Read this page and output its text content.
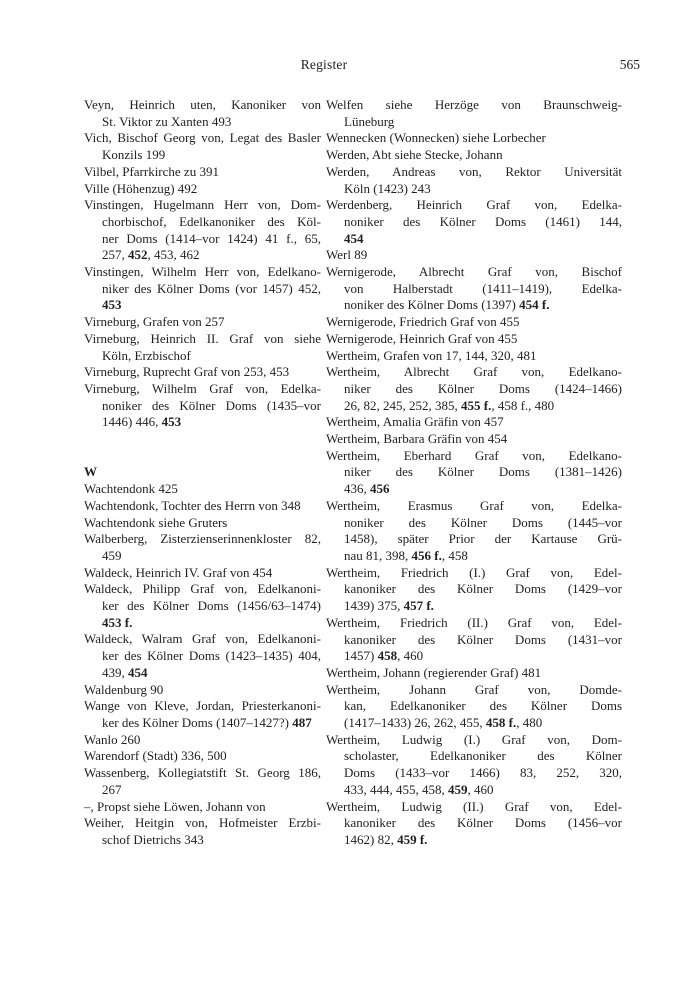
Register	565
Veyn, Heinrich uten, Kanoniker von
St. Viktor zu Xanten 493
Vich, Bischof Georg von, Legat des Basler
Konzils 199
Vilbel, Pfarrkirche zu 391
Ville (Höhenzug) 492
Vinstingen, Hugelmann Herr von, Dom-
chorbischof, Edelkanoniker des Köl-
ner Doms (1414–vor 1424) 41 f., 65,
257, 452, 453, 462
Vinstingen, Wilhelm Herr von, Edelkano-
niker des Kölner Doms (vor 1457) 452,
453
Virneburg, Grafen von 257
Virneburg, Heinrich II. Graf von siehe
Köln, Erzbischof
Virneburg, Ruprecht Graf von 253, 453
Virneburg, Wilhelm Graf von, Edelka-
noniker des Kölner Doms (1435–vor
1446) 446, 453
W
Wachtendonk 425
Wachtendonk, Tochter des Herrn von 348
Wachtendonk siehe Gruters
Walberberg, Zisterzienserinnenkloster 82,
459
Waldeck, Heinrich IV. Graf von 454
Waldeck, Philipp Graf von, Edelkanoni-
ker des Kölner Doms (1456/63–1474)
453 f.
Waldeck, Walram Graf von, Edelkanoni-
ker des Kölner Doms (1423–1435) 404,
439, 454
Waldenburg 90
Wange von Kleve, Jordan, Priesterkanoni-
ker des Kölner Doms (1407–1427?) 487
Wanlo 260
Warendorf (Stadt) 336, 500
Wassenberg, Kollegiatstift St. Georg 186,
267
–, Propst siehe Löwen, Johann von
Weiher, Heitgin von, Hofmeister Erzbi-
schof Dietrichs 343
Welfen siehe Herzöge von Braunschweig-
Lüneburg
Wennecken (Wonnecken) siehe Lorbecher
Werden, Abt siehe Stecke, Johann
Werden, Andreas von, Rektor Universität
Köln (1423) 243
Werdenberg, Heinrich Graf von, Edelka-
noniker des Kölner Doms (1461) 144,
454
Werl 89
Wernigerode, Albrecht Graf von, Bischof
von Halberstadt (1411–1419), Edelka-
noniker des Kölner Doms (1397) 454 f.
Wernigerode, Friedrich Graf von 455
Wernigerode, Heinrich Graf von 455
Wertheim, Grafen von 17, 144, 320, 481
Wertheim, Albrecht Graf von, Edelkano-
niker des Kölner Doms (1424–1466)
26, 82, 245, 252, 385, 455 f., 458 f., 480
Wertheim, Amalia Gräfin von 457
Wertheim, Barbara Gräfin von 454
Wertheim, Eberhard Graf von, Edelkano-
niker des Kölner Doms (1381–1426)
436, 456
Wertheim, Erasmus Graf von, Edelka-
noniker des Kölner Doms (1445–vor
1458), später Prior der Kartause Grü-
nau 81, 398, 456 f., 458
Wertheim, Friedrich (I.) Graf von, Edel-
kanoniker des Kölner Doms (1429–vor
1439) 375, 457 f.
Wertheim, Friedrich (II.) Graf von, Edel-
kanoniker des Kölner Doms (1431–vor
1457) 458, 460
Wertheim, Johann (regierender Graf) 481
Wertheim, Johann Graf von, Domde-
kan, Edelkanoniker des Kölner Doms
(1417–1433) 26, 262, 455, 458 f., 480
Wertheim, Ludwig (I.) Graf von, Dom-
scholaster, Edelkanoniker des Kölner
Doms (1433–vor 1466) 83, 252, 320,
433, 444, 455, 458, 459, 460
Wertheim, Ludwig (II.) Graf von, Edel-
kanoniker des Kölner Doms (1456–vor
1462) 82, 459 f.
